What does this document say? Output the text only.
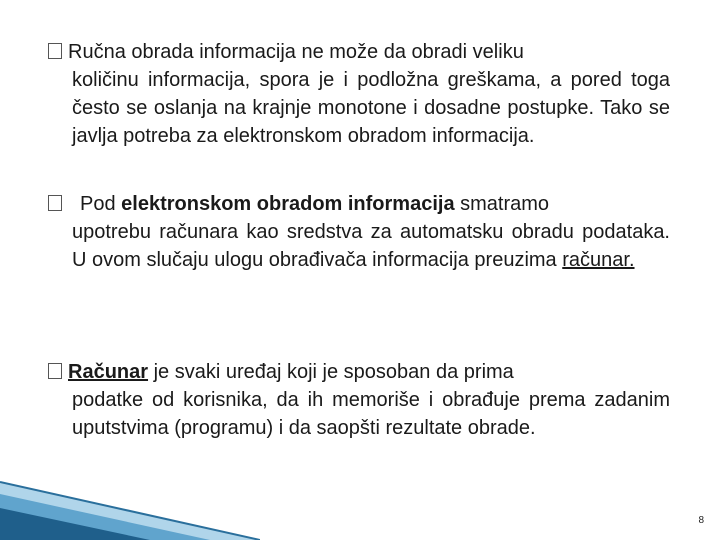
Ručna obrada informacija ne može da obradi veliku
količinu informacija, spora je i podložna greškama, a pored toga često se oslanja na krajnje monotone i dosadne postupke. Tako se javlja potreba za elektronskom obradom informacija.
Pod elektronskom obradom informacija smatramo
upotrebu računara kao sredstva za automatsku obradu podataka. U ovom slučaju ulogu obrađivača informacija preuzima računar.
Računar je svaki uređaj koji je sposoban da prima
podatke od korisnika, da ih memoriše i obrađuje prema zadanim uputstvima (programu) i da saopšti rezultate obrade.
8
